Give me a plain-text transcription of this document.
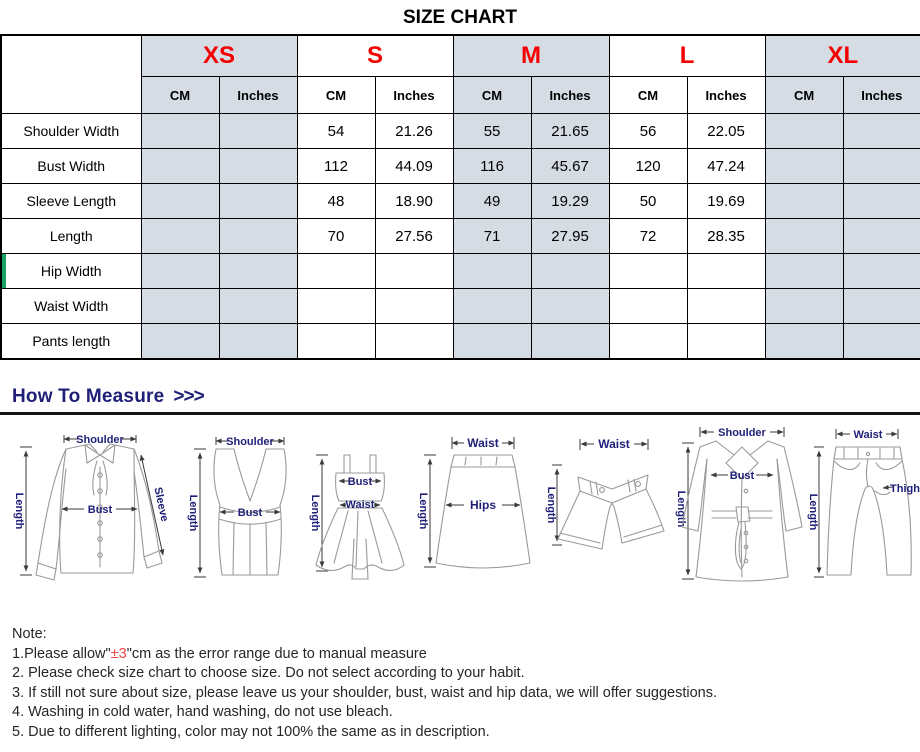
SIZE CHART
	XS		S		M		L		XL	
	CM	Inches	CM	Inches	CM	Inches	CM	Inches	CM	Inches
Shoulder Width			54	21.26	55	21.65	56	22.05		
Bust Width			112	44.09	116	45.67	120	47.24		
Sleeve Length			48	18.90	49	19.29	50	19.69		
Length			70	27.56	71	27.95	72	28.35		
Hip Width										
Waist Width										
Pants length										
How To Measure >>>
Shoulder
Length	Bust	Sleeve
Shoulder
Length	Bust	Length
Bust
Waist
Waist
Length	Hips
Waist
Length
Shoulder
Length
Bust
Waist
Length
Thigh
Note:
1.Please allow"±3"cm as the error range due to manual measure
2. Please check size chart to choose size. Do not select according to your habit.
3. If still not sure about size, please leave us your shoulder, bust, waist and hip data, we will offer suggestions.
4. Washing in cold water, hand washing, do not use bleach.
5. Due to different lighting, color may not 100% the same as in description.
